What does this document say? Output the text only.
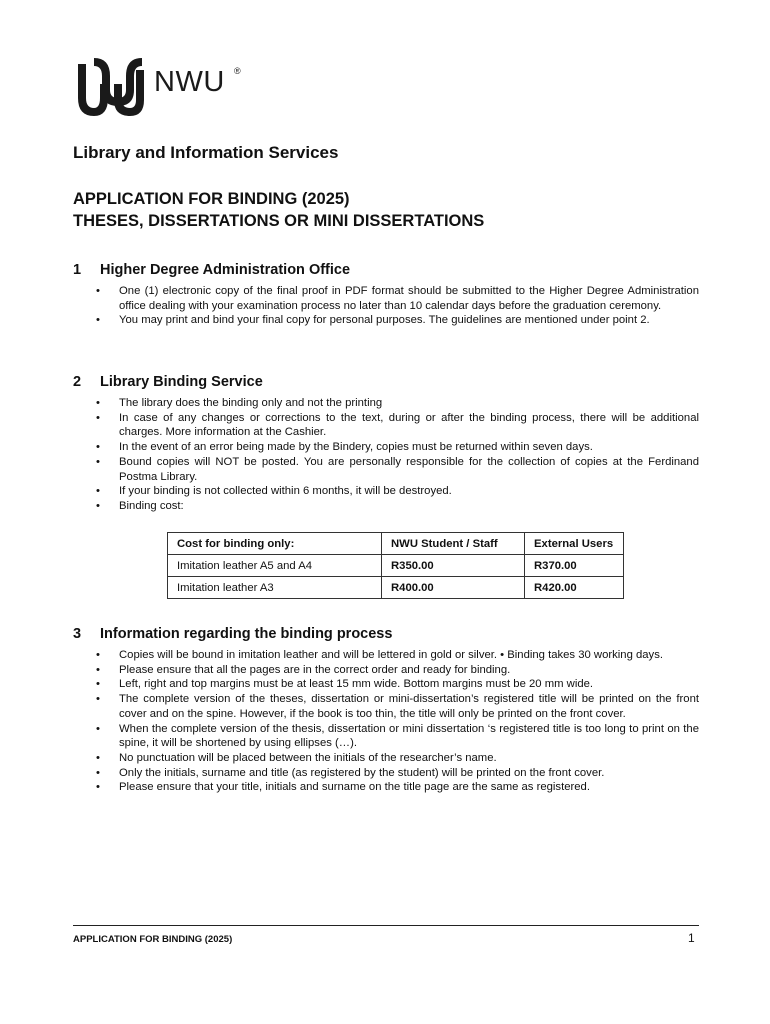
NWU ®
Library and Information Services
APPLICATION FOR BINDING (2025)
THESES, DISSERTATIONS OR MINI DISSERTATIONS
1	Higher Degree Administration Office
• One (1) electronic copy of the final proof in PDF format should be submitted to the Higher Degree Administration office dealing with your examination process no later than 10 calendar days before the graduation ceremony.
• You may print and bind your final copy for personal purposes. The guidelines are mentioned under point 2.
2	Library Binding Service
• The library does the binding only and not the printing
• In case of any changes or corrections to the text, during or after the binding process, there will be additional charges. More information at the Cashier.
• In the event of an error being made by the Bindery, copies must be returned within seven days.
• Bound copies will NOT be posted. You are personally responsible for the collection of copies at the Ferdinand Postma Library.
• If your binding is not collected within 6 months, it will be destroyed.
• Binding cost:
Cost for binding only:	NWU Student / Staff	External Users
Imitation leather A5 and A4	R350.00	R370.00
Imitation leather A3	R400.00	R420.00
3	Information regarding the binding process
• Copies will be bound in imitation leather and will be lettered in gold or silver. • Binding takes 30 working days.
• Please ensure that all the pages are in the correct order and ready for binding.
• Left, right and top margins must be at least 15 mm wide. Bottom margins must be 20 mm wide.
• The complete version of the theses, dissertation or mini-dissertation’s registered title will be printed on the front cover and on the spine. However, if the book is too thin, the title will only be printed on the front cover.
• When the complete version of the thesis, dissertation or mini dissertation ‘s registered title is too long to print on the spine, it will be shortened by using ellipses (…).
• No punctuation will be placed between the initials of the researcher’s name.
• Only the initials, surname and title (as registered by the student) will be printed on the front cover.
• Please ensure that your title, initials and surname on the title page are the same as registered.
APPLICATION FOR BINDING (2025)	1
